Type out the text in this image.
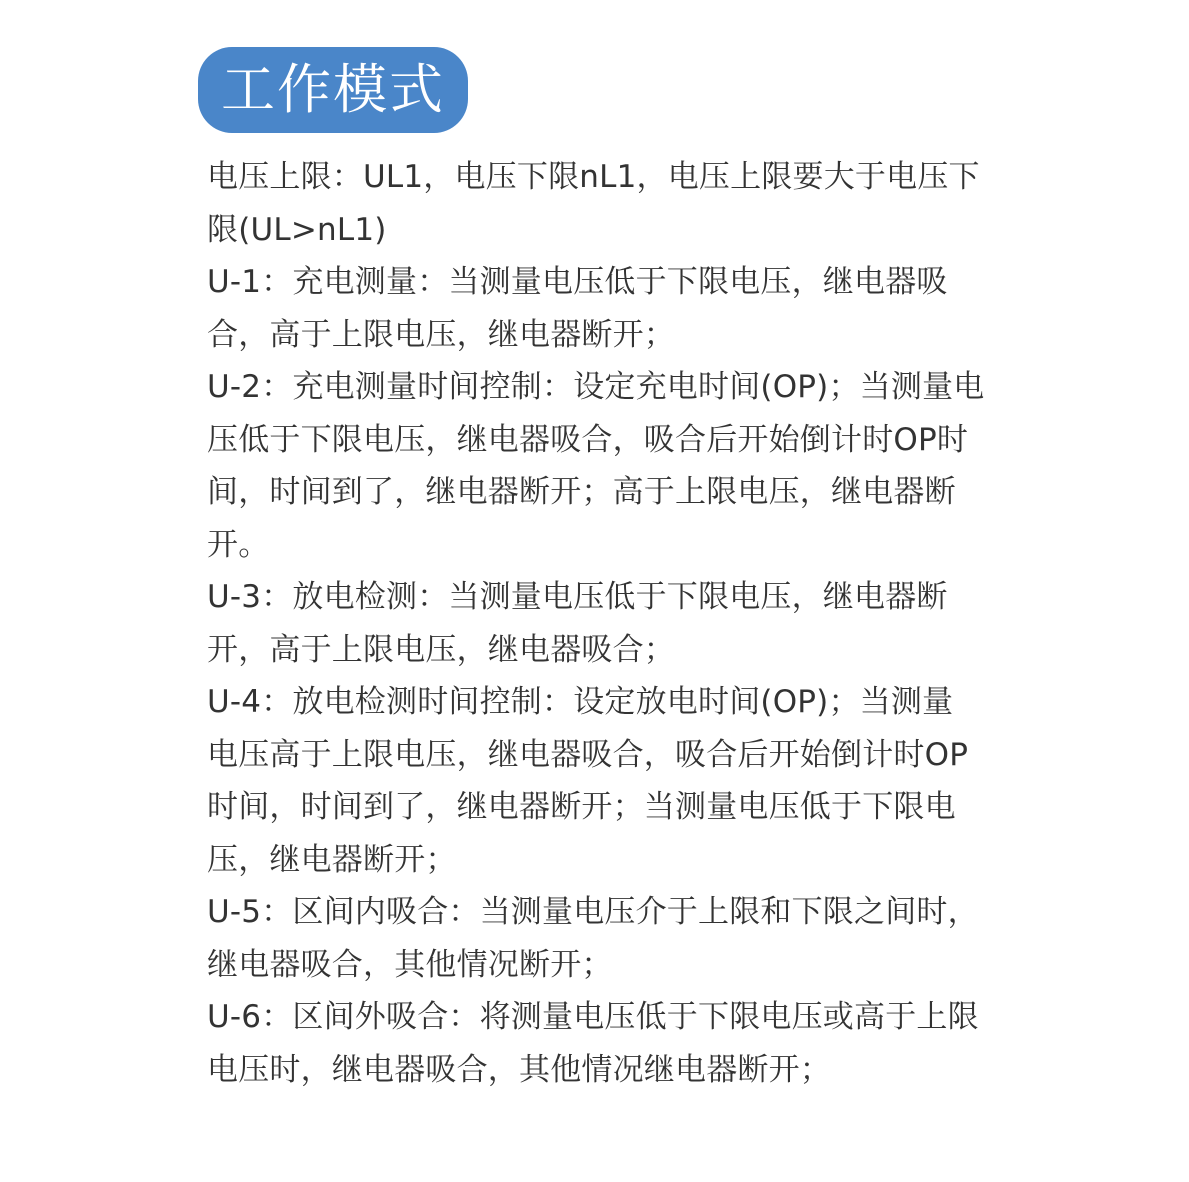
工作模式
电压上限：UL1，电压下限nL1，电压上限要大于电压下
限(UL>nL1)
U-1：充电测量：当测量电压低于下限电压，继电器吸
合，高于上限电压，继电器断开；
U-2：充电测量时间控制：设定充电时间(OP)；当测量电
压低于下限电压，继电器吸合，吸合后开始倒计时OP时
间，时间到了，继电器断开；高于上限电压，继电器断
开。
U-3：放电检测：当测量电压低于下限电压，继电器断
开，高于上限电压，继电器吸合；
U-4：放电检测时间控制：设定放电时间(OP)；当测量
电压高于上限电压，继电器吸合，吸合后开始倒计时OP
时间，时间到了，继电器断开；当测量电压低于下限电
压，继电器断开；
U-5：区间内吸合：当测量电压介于上限和下限之间时，
继电器吸合，其他情况断开；
U-6：区间外吸合：将测量电压低于下限电压或高于上限
电压时，继电器吸合，其他情况继电器断开；
